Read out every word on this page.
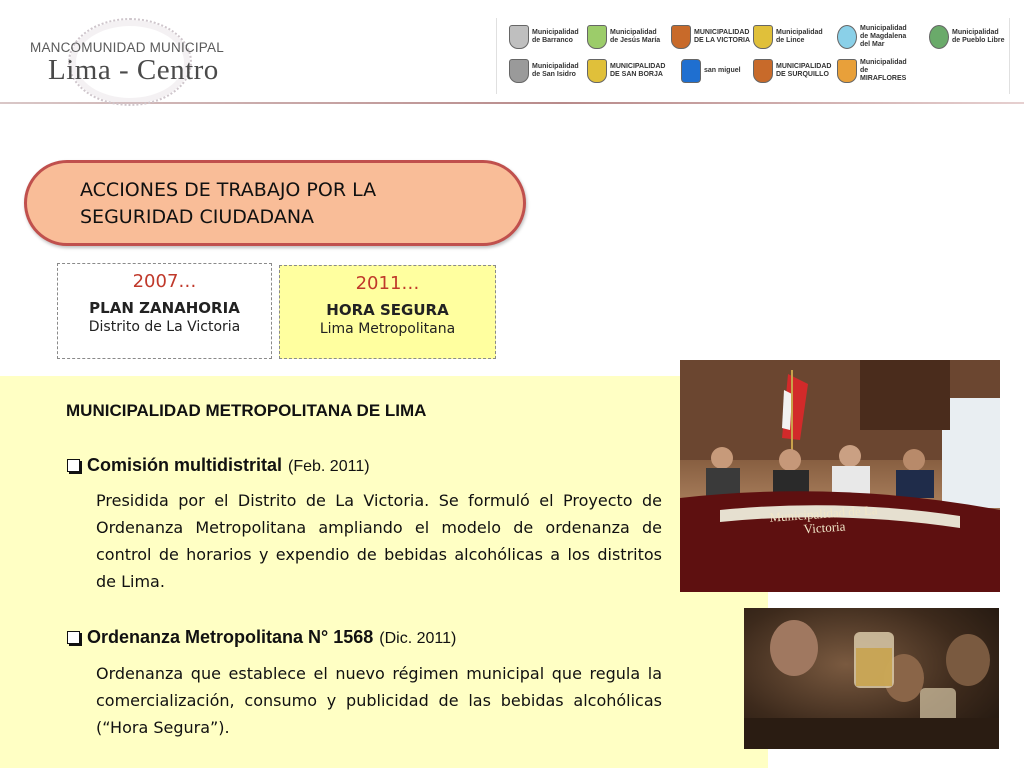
MANCOMUNIDAD MUNICIPAL
Lima - Centro
Municipalidad de Barranco
Municipalidad de Jesús María
MUNICIPALIDAD DE LA VICTORIA
Municipalidad de Lince
Municipalidad de Magdalena del Mar
Municipalidad de Pueblo Libre
Municipalidad de San Isidro
MUNICIPALIDAD DE SAN BORJA
san miguel
MUNICIPALIDAD DE SURQUILLO
Municipalidad de MIRAFLORES
ACCIONES DE TRABAJO POR LA
SEGURIDAD CIUDADANA
2007…
PLAN ZANAHORIA
Distrito de La Victoria
2011…
HORA SEGURA
Lima Metropolitana
MUNICIPALIDAD METROPOLITANA DE LIMA
Comisión multidistrital (Feb. 2011)
Presidida por el Distrito de La Victoria. Se formuló el Proyecto de Ordenanza Metropolitana ampliando el modelo de ordenanza de control de horarios y expendio de bebidas alcohólicas a los distritos de Lima.
Ordenanza Metropolitana N° 1568 (Dic. 2011)
Ordenanza que establece el nuevo régimen municipal que regula la comercialización, consumo y publicidad de las bebidas alcohólicas (“Hora Segura”).
Municipalidad de La Victoria
